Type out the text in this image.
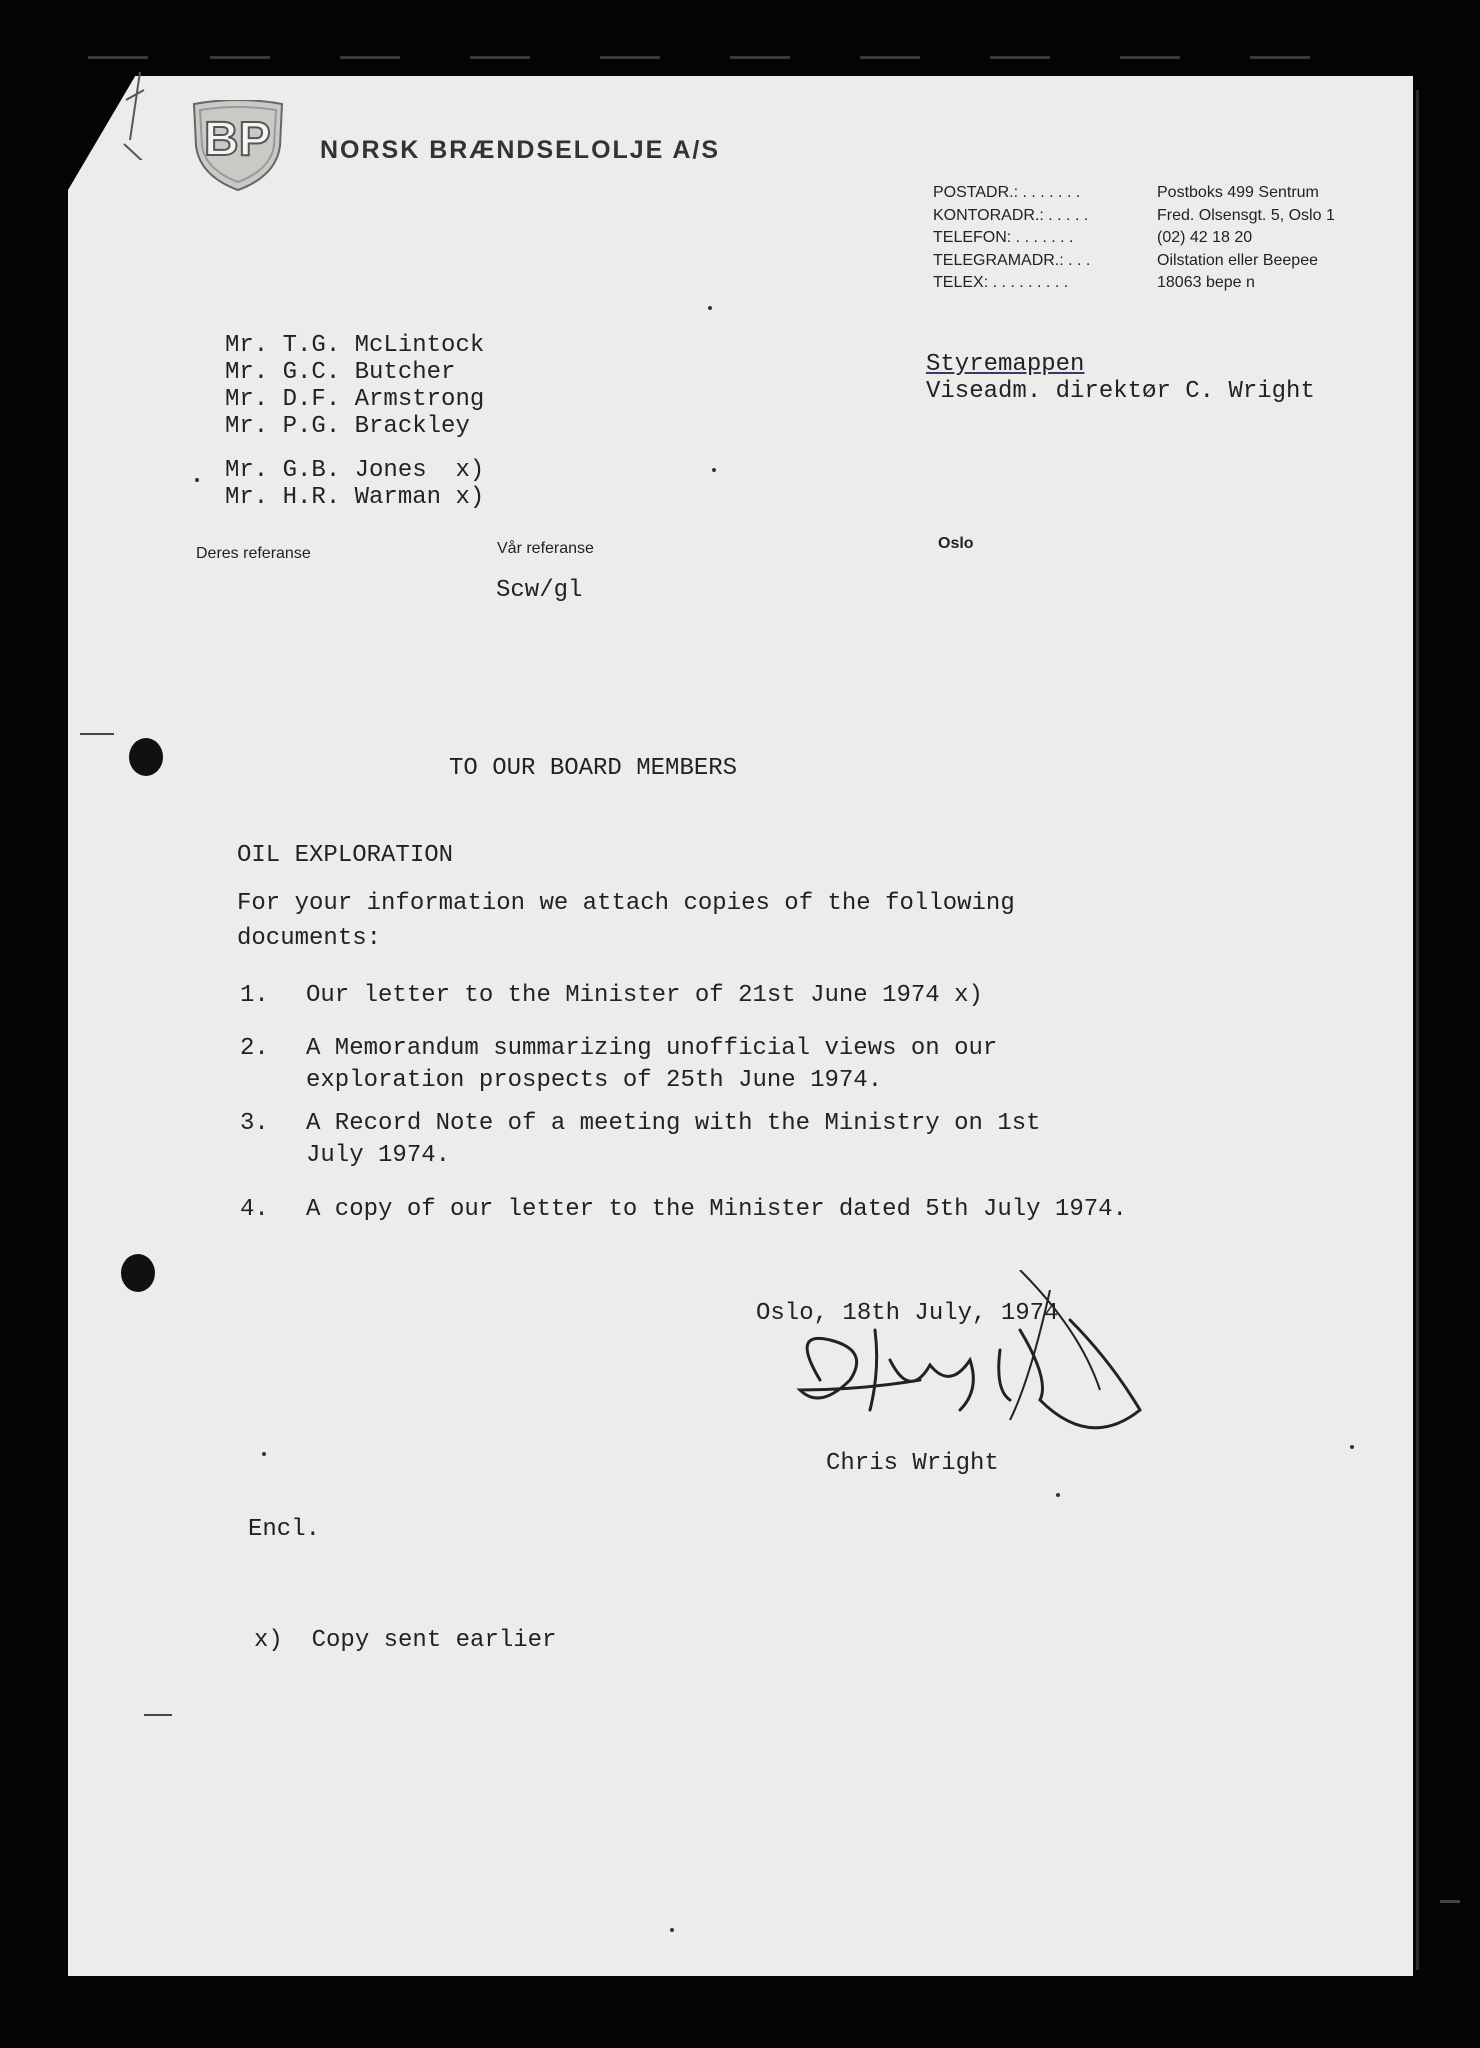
BP NORSK BRÆNDSELOLJE A/S
POSTADR.: . . . . . . .	Postboks 499 Sentrum
KONTORADR.: . . . . .	Fred. Olsensgt. 5, Oslo 1
TELEFON: . . . . . . .	(02) 42 18 20
TELEGRAMADR.: . . .	Oilstation eller Beepee
TELEX: . . . . . . . . .	18063 bepe n
Mr. T.G. McLintock
Mr. G.C. Butcher
Mr. D.F. Armstrong
Mr. P.G. Brackley
Mr. G.B. Jones  x)
Mr. H.R. Warman x)
Styremappen
Viseadm. direktør C. Wright
Deres referanse	Vår referanse
Scw/gl
Oslo
TO OUR BOARD MEMBERS
OIL EXPLORATION
For your information we attach copies of the following
documents:
1. Our letter to the Minister of 21st June 1974 x)
2. A Memorandum summarizing unofficial views on our
exploration prospects of 25th June 1974.
3. A Record Note of a meeting with the Ministry on 1st
July 1974.
4. A copy of our letter to the Minister dated 5th July 1974.
Oslo, 18th July, 1974
Chris Wright
Encl.
x)  Copy sent earlier
